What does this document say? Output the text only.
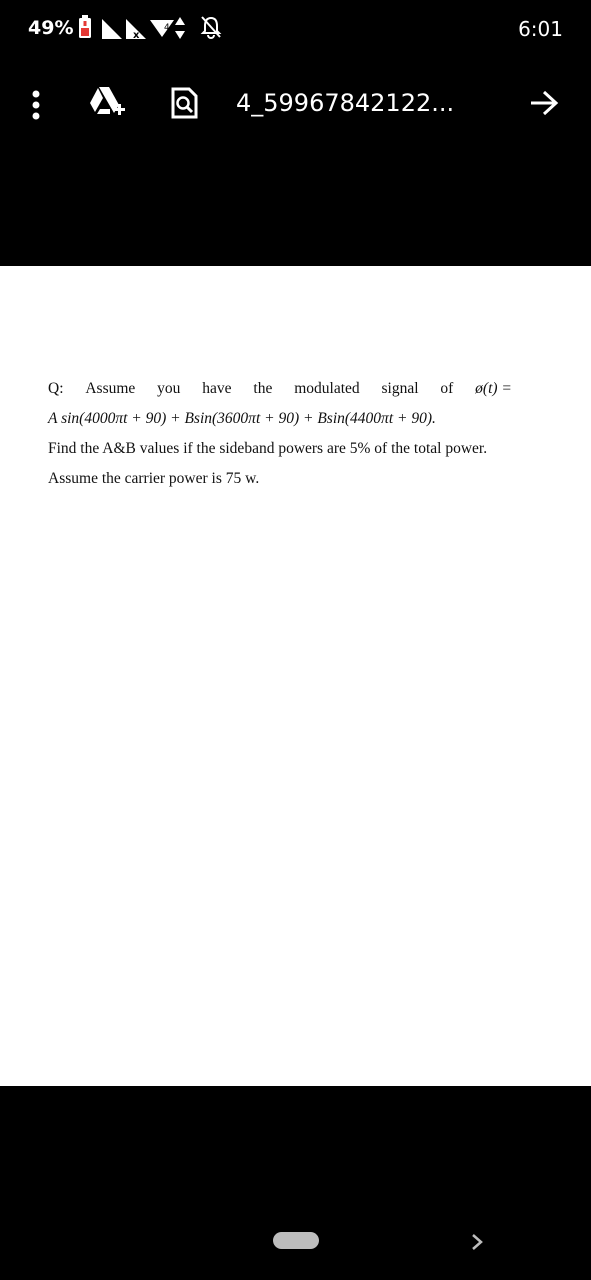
49%	x
4	6:01
4_59967842122...
Q: Assume you have the modulated signal of ø(t) =
A sin(4000πt + 90) + Bsin(3600πt + 90) + Bsin(4400πt + 90).
Find the A&B values if the sideband powers are 5% of the total power.
Assume the carrier power is 75 w.
